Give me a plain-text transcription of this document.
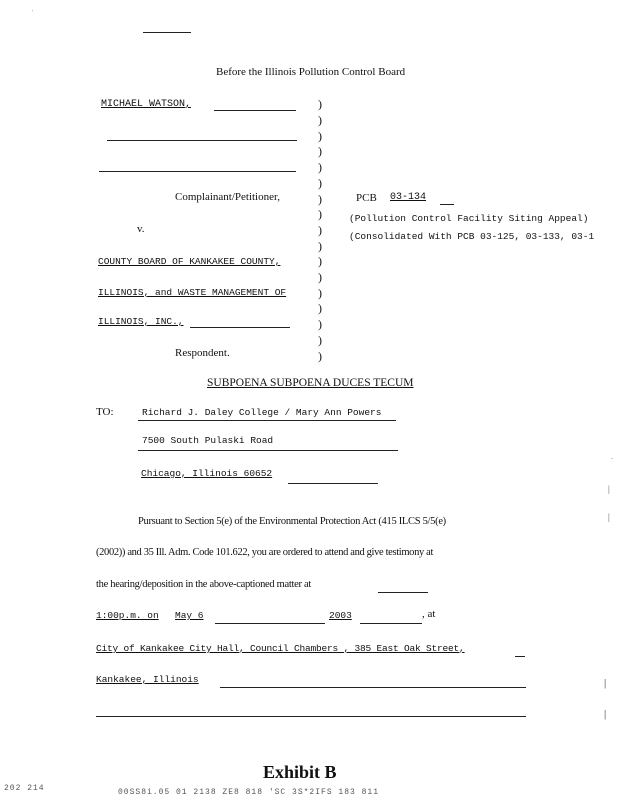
'
Before the Illinois Pollution Control Board
MICHAEL WATSON,
Complainant/Petitioner,
v.
COUNTY BOARD OF KANKAKEE COUNTY,
ILLINOIS, and WASTE MANAGEMENT OF
ILLINOIS, INC.,
Respondent.
)
)
)
)
)
)
)
)
)
)
)
)
)
)
)
)
)
PCB 03-134
(Pollution Control Facility Siting Appeal)
(Consolidated With PCB 03-125, 03-133, 03-1
SUBPOENA SUBPOENA DUCES TECUM
TO:	Richard J. Daley College / Mary Ann Powers
7500 South Pulaski Road
Chicago, Illinois 60652
Pursuant to Section 5(e) of the Environmental Protection Act (415 ILCS 5/5(e)
(2002)) and 35 Ill. Adm. Code 101.622, you are ordered to attend and give testimony at
the hearing/deposition in the above-captioned matter at
1:00p.m. on May 6	2003	, at
City of Kankakee City Hall, Council Chambers , 385 East Oak Street,
Kankakee, Illinois
-
|
|
|
|
Exhibit B
202 214	00SS8i.05 01 2138 ZE8 818 'SC 3S*2IFS 183 811
